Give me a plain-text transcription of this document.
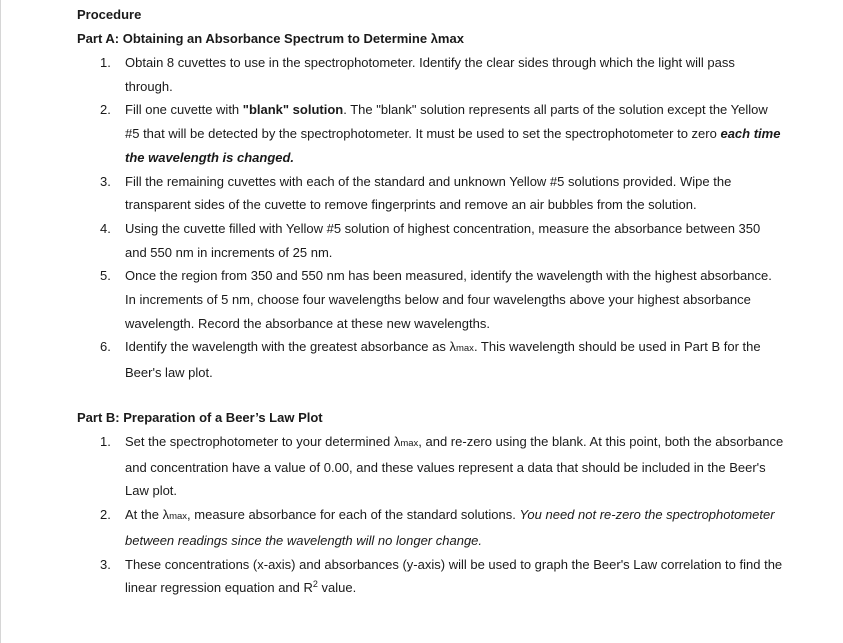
Procedure
Part A: Obtaining an Absorbance Spectrum to Determine λmax
1.	Obtain 8 cuvettes to use in the spectrophotometer. Identify the clear sides through which the light will pass through.
2.	Fill one cuvette with "blank" solution. The "blank" solution represents all parts of the solution except the Yellow #5 that will be detected by the spectrophotometer. It must be used to set the spectrophotometer to zero each time the wavelength is changed.
3.	Fill the remaining cuvettes with each of the standard and unknown Yellow #5 solutions provided. Wipe the transparent sides of the cuvette to remove fingerprints and remove an air bubbles from the solution.
4.	Using the cuvette filled with Yellow #5 solution of highest concentration, measure the absorbance between 350 and 550 nm in increments of 25 nm.
5.	Once the region from 350 and 550 nm has been measured, identify the wavelength with the highest absorbance. In increments of 5 nm, choose four wavelengths below and four wavelengths above your highest absorbance wavelength. Record the absorbance at these new wavelengths.
6.	Identify the wavelength with the greatest absorbance as λmax. This wavelength should be used in Part B for the Beer's law plot.
Part B: Preparation of a Beer’s Law Plot
1.	Set the spectrophotometer to your determined λmax, and re-zero using the blank. At this point, both the absorbance and concentration have a value of 0.00, and these values represent a data that should be included in the Beer's Law plot.
2.	At the λmax, measure absorbance for each of the standard solutions. You need not re-zero the spectrophotometer between readings since the wavelength will no longer change.
3.	These concentrations (x-axis) and absorbances (y-axis) will be used to graph the Beer's Law correlation to find the linear regression equation and $R^2$ value.
